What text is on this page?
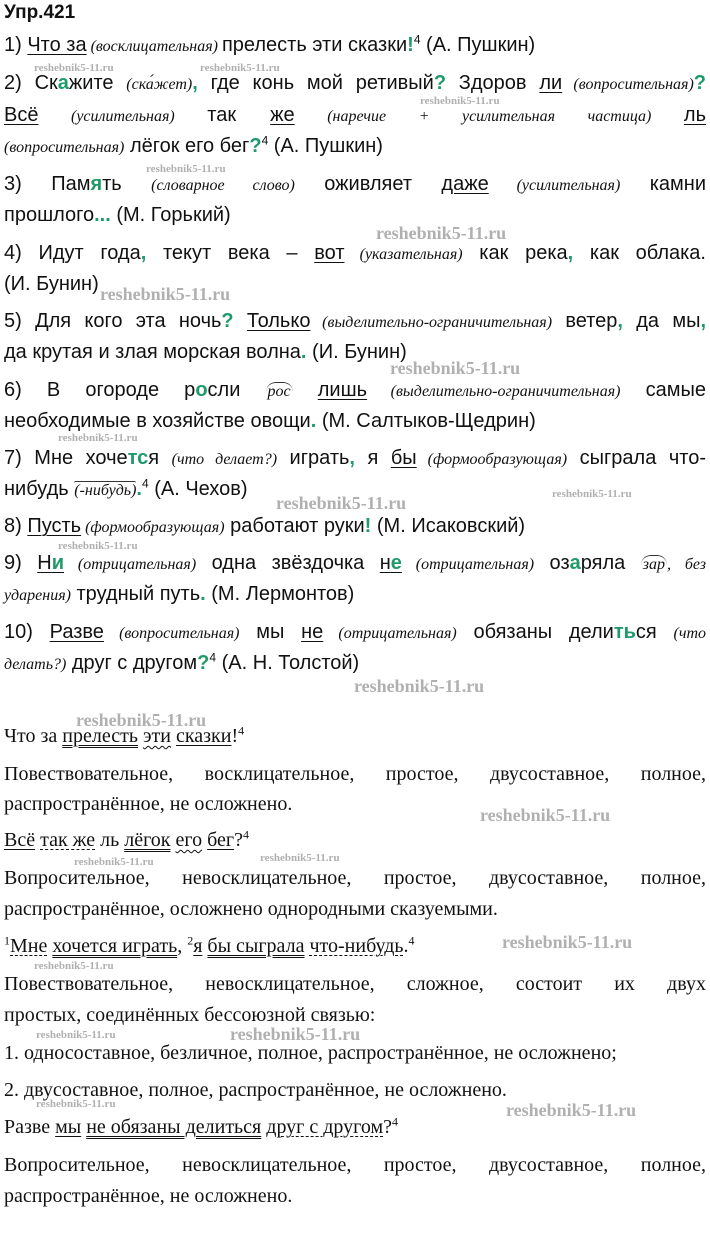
Упр.421
1) Что за (восклицательная) прелесть эти сказки!$^4$ (А. Пушкин)
2) Скажите (ска́жет), где конь мой ретивый? Здоров ли (вопросительная)?
Всё (усилительная) так же (наречие + усилительная частица) ль
(вопросительная) лёгок его бег?$^4$ (А. Пушкин)
3) Память (словарное слово) оживляет даже (усилительная) камни
прошлого... (М. Горький)
4) Идут года, текут века – вот (указательная) как река, как облака.
(И. Бунин)
5) Для кого эта ночь? Только (выделительно-ограничительная) ветер, да мы,
да крутая и злая морская волна. (И. Бунин)
6) В огороде росли рос лишь (выделительно-ограничительная) самые
необходимые в хозяйстве овощи. (М. Салтыков-Щедрин)
7) Мне хочется (что делает?) играть, я бы (формообразующая) сыграла что-
нибудь (-нибудь).$^4$ (А. Чехов)
8) Пусть (формообразующая) работают руки! (М. Исаковский)
9) Ни (отрицательная) одна звёздочка не (отрицательная) озаряла зар , без
ударения) трудный путь. (М. Лермонтов)
10) Разве (вопросительная) мы не (отрицательная) обязаны делиться (что
делать?) друг с другом?$^4$ (А. Н. Толстой)
Что за прелесть эти сказки!$^4$
Повествовательное, восклицательное, простое, двусоставное, полное,
распространённое, не осложнено.
Всё так же ль лёгок его бег?$^4$
Вопросительное, невосклицательное, простое, двусоставное, полное,
распространённое, осложнено однородными сказуемыми.
$^1$Мне хочется играть, $^2$я бы сыграла что-нибудь.$^4$
Повествовательное, невосклицательное, сложное, состоит их двух
простых, соединённых бессоюзной связью:
1. односоставное, безличное, полное, распространённое, не осложнено;
2. двусоставное, полное, распространённое, не осложнено.
Разве мы не обязаны делиться друг с другом?$^4$
Вопросительное, невосклицательное, простое, двусоставное, полное,
распространённое, не осложнено.
reshebnik5-11.ru	reshebnik5-11.ru
reshebnik5-11.ru
reshebnik5-11.ru
reshebnik5-11.ru
reshebnik5-11.ru
reshebnik5-11.ru
reshebnik5-11.ru
reshebnik5-11.ru	reshebnik5-11.ru
reshebnik5-11.ru
reshebnik5-11.ru
reshebnik5-11.ru
reshebnik5-11.ru
reshebnik5-11.ru	reshebnik5-11.ru
reshebnik5-11.ru
reshebnik5-11.ru
reshebnik5-11.ru	reshebnik5-11.ru
reshebnik5-11.ru	reshebnik5-11.ru
